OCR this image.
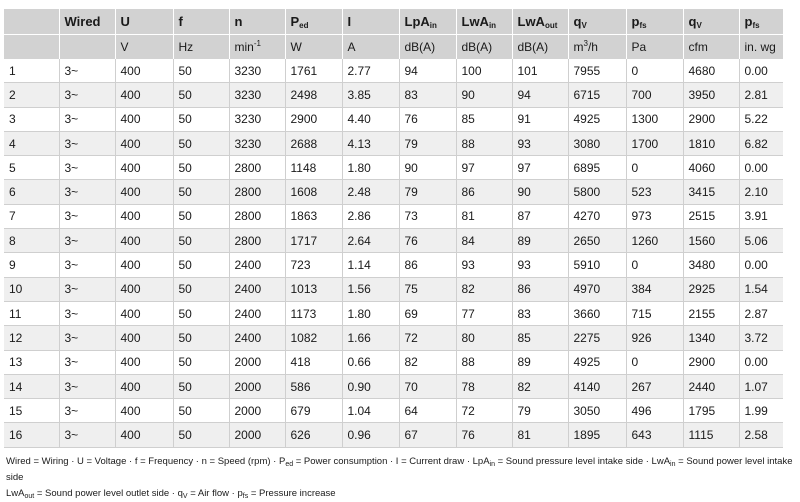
	Wired	U	f	n	$P_{ed}$	I	LpA$_{in}$	LwA$_{in}$	LwA$_{out}$	$q_V$	$p_{fs}$	$q_V$	$p_{fs}$
		V	Hz	$\min^{-1}$	W	A	dB(A)	dB(A)	dB(A)	$m^3/h$	Pa	cfm	in. wg
1	3~	400	50	3230	1761	2.77	94	100	101	7955	0	4680	0.00
2	3~	400	50	3230	2498	3.85	83	90	94	6715	700	3950	2.81
3	3~	400	50	3230	2900	4.40	76	85	91	4925	1300	2900	5.22
4	3~	400	50	3230	2688	4.13	79	88	93	3080	1700	1810	6.82
5	3~	400	50	2800	1148	1.80	90	97	97	6895	0	4060	0.00
6	3~	400	50	2800	1608	2.48	79	86	90	5800	523	3415	2.10
7	3~	400	50	2800	1863	2.86	73	81	87	4270	973	2515	3.91
8	3~	400	50	2800	1717	2.64	76	84	89	2650	1260	1560	5.06
9	3~	400	50	2400	723	1.14	86	93	93	5910	0	3480	0.00
10	3~	400	50	2400	1013	1.56	75	82	86	4970	384	2925	1.54
11	3~	400	50	2400	1173	1.80	69	77	83	3660	715	2155	2.87
12	3~	400	50	2400	1082	1.66	72	80	85	2275	926	1340	3.72
13	3~	400	50	2000	418	0.66	82	88	89	4925	0	2900	0.00
14	3~	400	50	2000	586	0.90	70	78	82	4140	267	2440	1.07
15	3~	400	50	2000	679	1.04	64	72	79	3050	496	1795	1.99
16	3~	400	50	2000	626	0.96	67	76	81	1895	643	1115	2.58
Wired = Wiring · U = Voltage · f = Frequency · n = Speed $(rpm) \cdot P_{ed}$ = Power consumption · I = Current draw · LpA$_{in}$ = Sound pressure level intake side · LwA$_{in}$ = Sound power level intake side
LwA$_{out}$ = Sound power level outlet side · $q_V$ = Air flow · $p_{fs}$ = Pressure increase
